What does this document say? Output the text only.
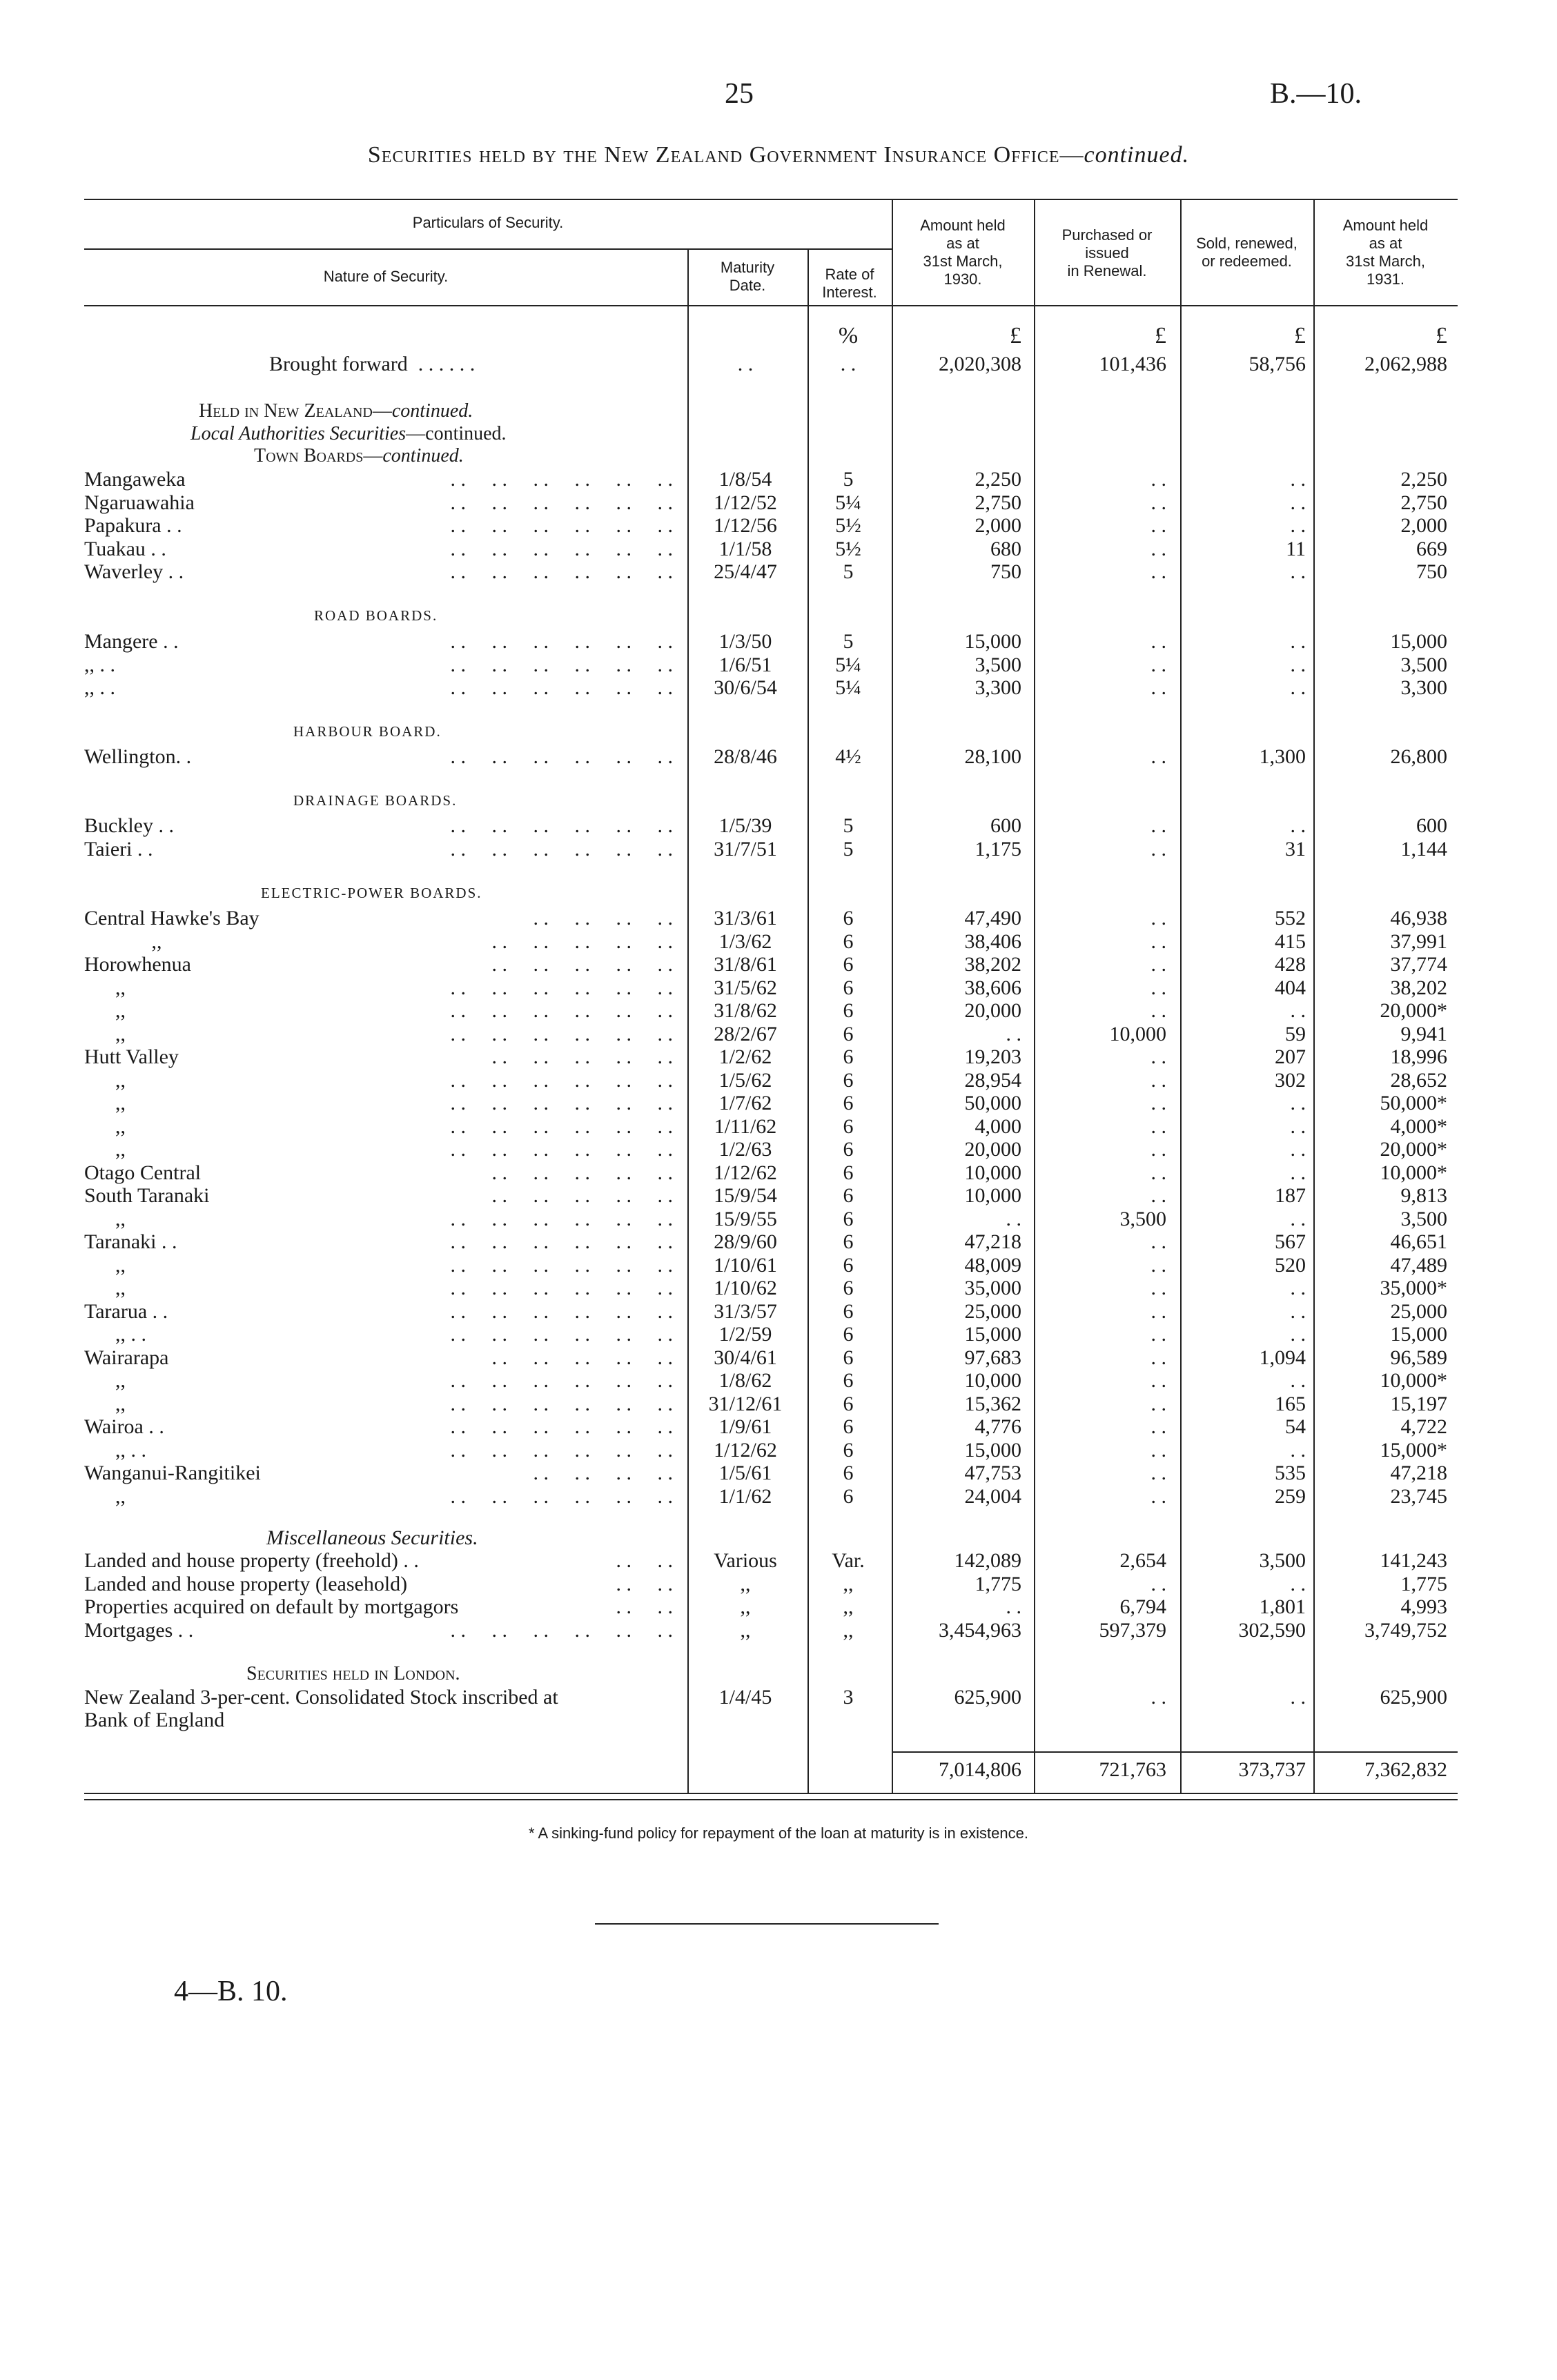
25	B.—10.
Securities held by the New Zealand Government Insurance Office—continued.
Particulars of Security.
Nature of Security.
Maturity
Date.
Rate of
Interest.
Amount held
as at
31st March,
1930.
Purchased or
issued
in Renewal.
Sold, renewed,
or redeemed.
Amount held
as at
31st March,
1931.
%	£	£	£	£
Brought forward . . . . . .	. .	. .	2,020,308	101,436	58,756	2,062,988
Held in New Zealand—continued.
Local Authorities Securities—continued.
Town Boards—continued.
ROAD BOARDS.
HARBOUR BOARD.
DRAINAGE BOARDS.
ELECTRIC-POWER BOARDS.
Miscellaneous Securities.
Securities held in London.
Mangaweka	. .     . .     . .     . .     . .     . .	1/8/54	5	2,250	. .	. .	2,250
Ngaruawahia	. .     . .     . .     . .     . .     . .	1/12/52	5¼	2,750	. .	. .	2,750
Papakura . .	. .     . .     . .     . .     . .     . .	1/12/56	5½	2,000	. .	. .	2,000
Tuakau . .	. .     . .     . .     . .     . .     . .	1/1/58	5½	680	. .	11	669
Waverley . .	. .     . .     . .     . .     . .     . .	25/4/47	5	750	. .	. .	750
Mangere . .	. .     . .     . .     . .     . .     . .	1/3/50	5	15,000	. .	. .	15,000
,, . .	. .     . .     . .     . .     . .     . .	1/6/51	5¼	3,500	. .	. .	3,500
,, . .	. .     . .     . .     . .     . .     . .	30/6/54	5¼	3,300	. .	. .	3,300
Wellington. .	. .     . .     . .     . .     . .     . .	28/8/46	4½	28,100	. .	1,300	26,800
Buckley . .	. .     . .     . .     . .     . .     . .	1/5/39	5	600	. .	. .	600
Taieri . .	. .     . .     . .     . .     . .     . .	31/7/51	5	1,175	. .	31	1,144
Central Hawke's Bay	. .     . .     . .     . .	31/3/61	6	47,490	. .	552	46,938
,,	. .     . .     . .     . .     . .	1/3/62	6	38,406	. .	415	37,991
Horowhenua	. .     . .     . .     . .     . .	31/8/61	6	38,202	. .	428	37,774
,,	. .     . .     . .     . .     . .     . .	31/5/62	6	38,606	. .	404	38,202
,,	. .     . .     . .     . .     . .     . .	31/8/62	6	20,000	. .	. .	20,000*
,,	. .     . .     . .     . .     . .     . .	28/2/67	6	. .	10,000	59	9,941
Hutt Valley	. .     . .     . .     . .     . .	1/2/62	6	19,203	. .	207	18,996
,,	. .     . .     . .     . .     . .     . .	1/5/62	6	28,954	. .	302	28,652
,,	. .     . .     . .     . .     . .     . .	1/7/62	6	50,000	. .	. .	50,000*
,,	. .     . .     . .     . .     . .     . .	1/11/62	6	4,000	. .	. .	4,000*
,,	. .     . .     . .     . .     . .     . .	1/2/63	6	20,000	. .	. .	20,000*
Otago Central	. .     . .     . .     . .     . .	1/12/62	6	10,000	. .	. .	10,000*
South Taranaki	. .     . .     . .     . .     . .	15/9/54	6	10,000	. .	187	9,813
,,	. .     . .     . .     . .     . .     . .	15/9/55	6	. .	3,500	. .	3,500
Taranaki . .	. .     . .     . .     . .     . .     . .	28/9/60	6	47,218	. .	567	46,651
,,	. .     . .     . .     . .     . .     . .	1/10/61	6	48,009	. .	520	47,489
,,	. .     . .     . .     . .     . .     . .	1/10/62	6	35,000	. .	. .	35,000*
Tararua . .	. .     . .     . .     . .     . .     . .	31/3/57	6	25,000	. .	. .	25,000
,, . .	. .     . .     . .     . .     . .     . .	1/2/59	6	15,000	. .	. .	15,000
Wairarapa	. .     . .     . .     . .     . .	30/4/61	6	97,683	. .	1,094	96,589
,,	. .     . .     . .     . .     . .     . .	1/8/62	6	10,000	. .	. .	10,000*
,,	. .     . .     . .     . .     . .     . .	31/12/61	6	15,362	. .	165	15,197
Wairoa . .	. .     . .     . .     . .     . .     . .	1/9/61	6	4,776	. .	54	4,722
,, . .	. .     . .     . .     . .     . .     . .	1/12/62	6	15,000	. .	. .	15,000*
Wanganui-Rangitikei	. .     . .     . .     . .	1/5/61	6	47,753	. .	535	47,218
,,	. .     . .     . .     . .     . .     . .	1/1/62	6	24,004	. .	259	23,745
Landed and house property (freehold) . .	. .     . .	Various	Var.	142,089	2,654	3,500	141,243
Landed and house property (leasehold)	. .     . .	,,	,,	1,775	. .	. .	1,775
Properties acquired on default by mortgagors	. .     . .	,,	,,	. .	6,794	1,801	4,993
Mortgages . .	. .     . .     . .     . .     . .     . .	,,	,,	3,454,963	597,379	302,590	3,749,752
New Zealand 3-per-cent. Consolidated Stock inscribed at	1/4/45	3	625,900	. .	. .	625,900
Bank of England
7,014,806	721,763	373,737	7,362,832
* A sinking-fund policy for repayment of the loan at maturity is in existence.
4—B. 10.
